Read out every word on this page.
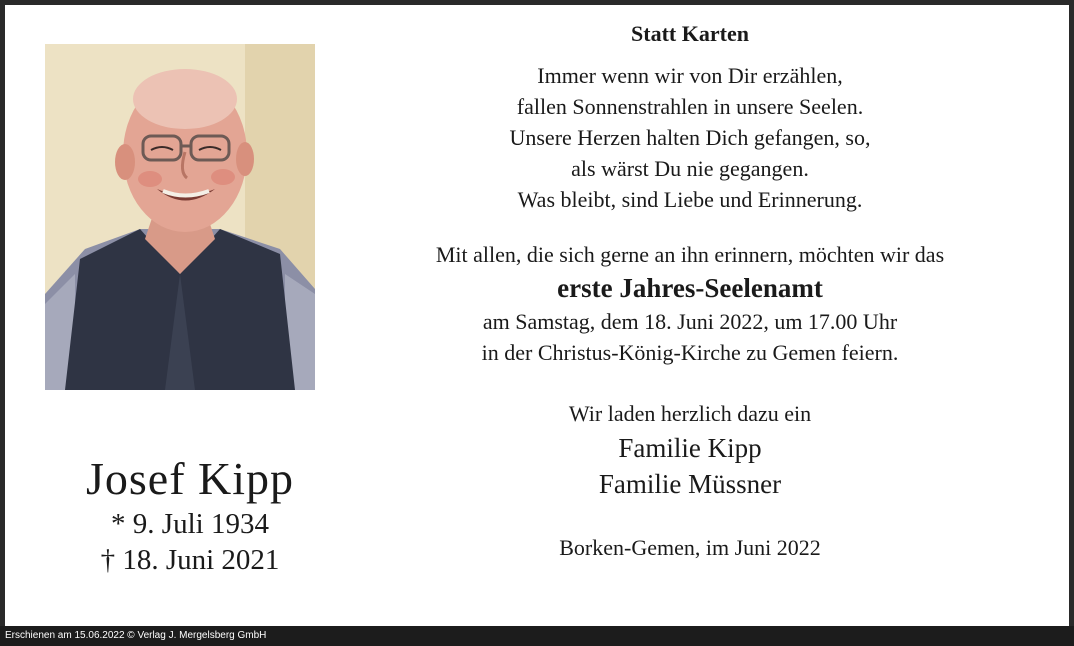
Josef Kipp

* 9. Juli 1934

† 18. Juni 2021

Statt Karten

Immer wenn wir von Dir erzählen,
fallen Sonnenstrahlen in unsere Seelen.
Unsere Herzen halten Dich gefangen, so,
als wärst Du nie gegangen.
Was bleibt, sind Liebe und Erinnerung.
Mit allen, die sich gerne an ihn erinnern, möchten wir das
erste Jahres-Seelenamt
am Samstag, dem 18. Juni 2022, um 17.00 Uhr
in der Christus-König-Kirche zu Gemen feiern.
Wir laden herzlich dazu ein
Familie Kipp
Familie Müssner
Borken-Gemen, im Juni 2022
Erschienen am 15.06.2022 © Verlag J. Mergelsberg GmbH
